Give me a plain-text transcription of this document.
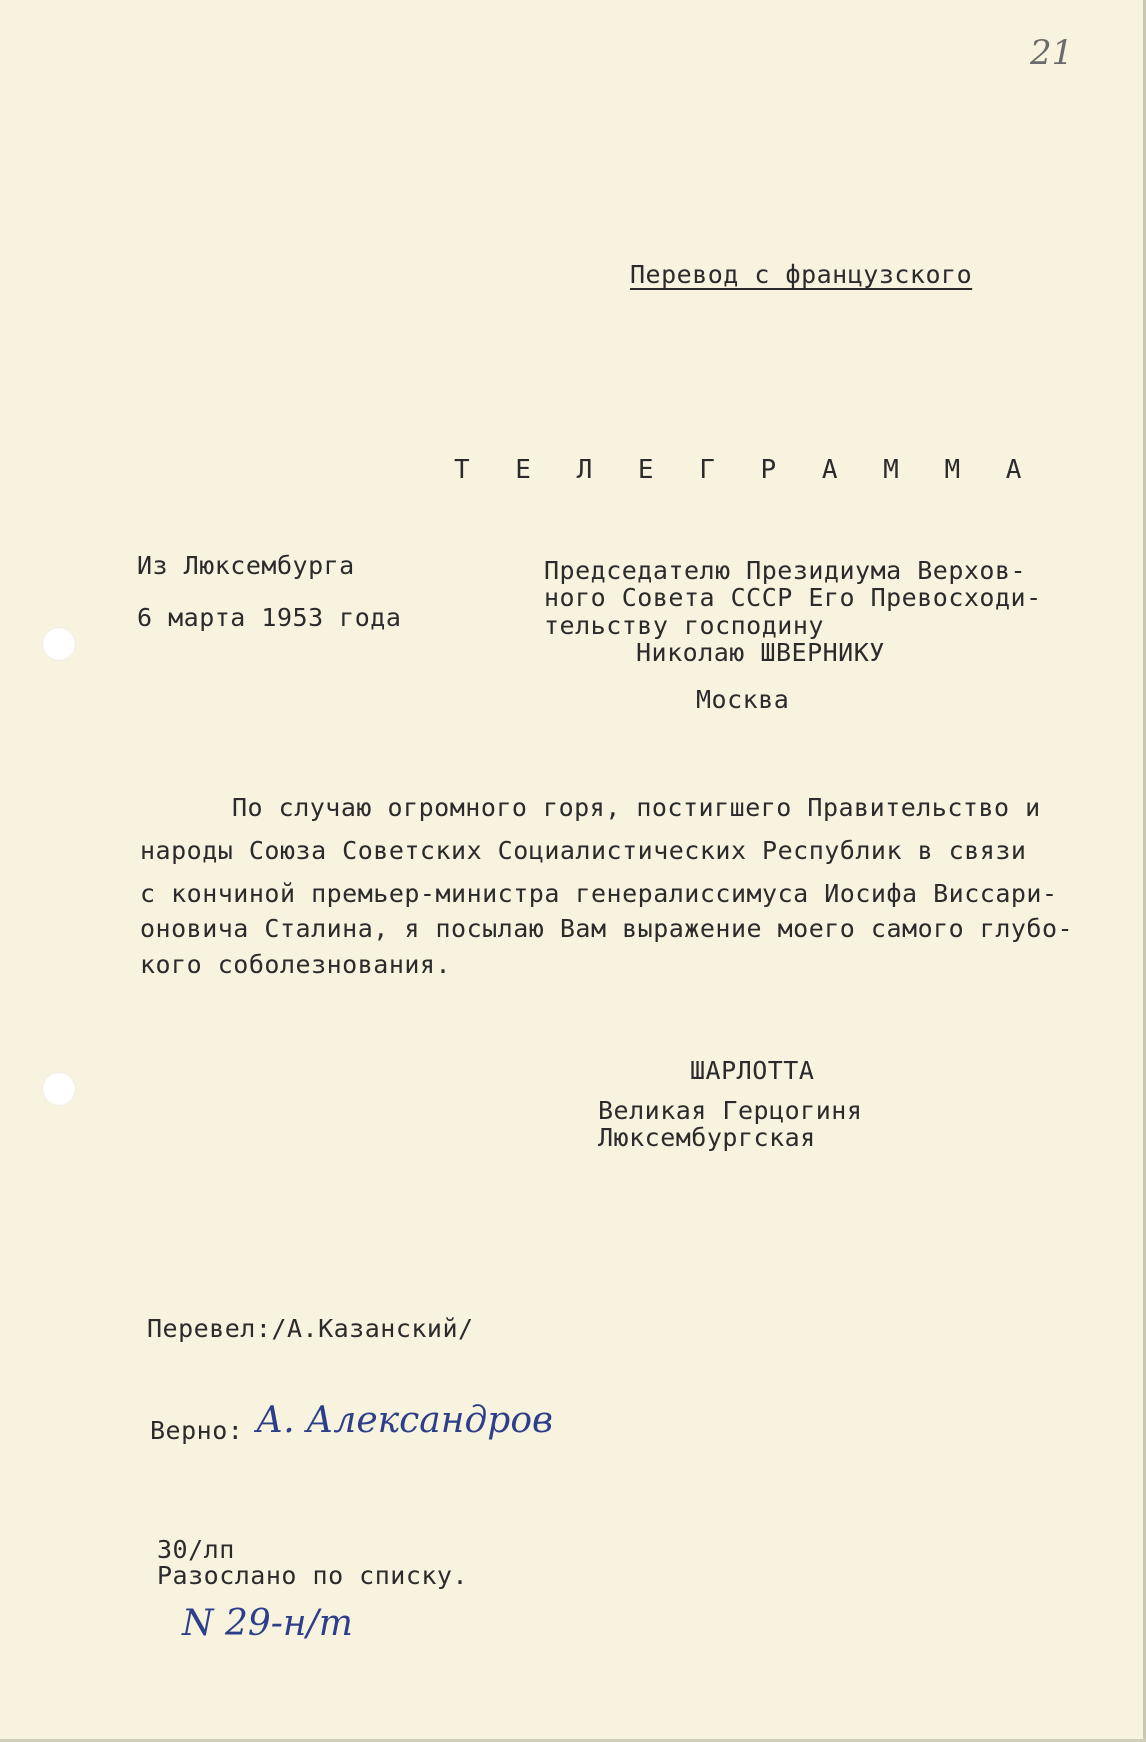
21
Перевод с французского
Т Е Л Е Г Р А М М А
Из Люксембурга
6 марта 1953 года
Председателю Президиума Верхов-
ного Совета СССР Его Превосходи-
тельству господину
Николаю ШВЕРНИКУ
Москва
По случаю огромного горя, постигшего Правительство и
народы Союза Советских Социалистических Республик в связи
с кончиной премьер-министра генералиссимуса Иосифа Виссари-
оновича Сталина, я посылаю Вам выражение моего самого глубо-
кого соболезнования.
ШАРЛОТТА
Великая Герцогиня
Люксембургская
Перевел:/А.Казанский/
Верно: А. Александров
30/лп
Разослано по списку.
N 29-н/т
